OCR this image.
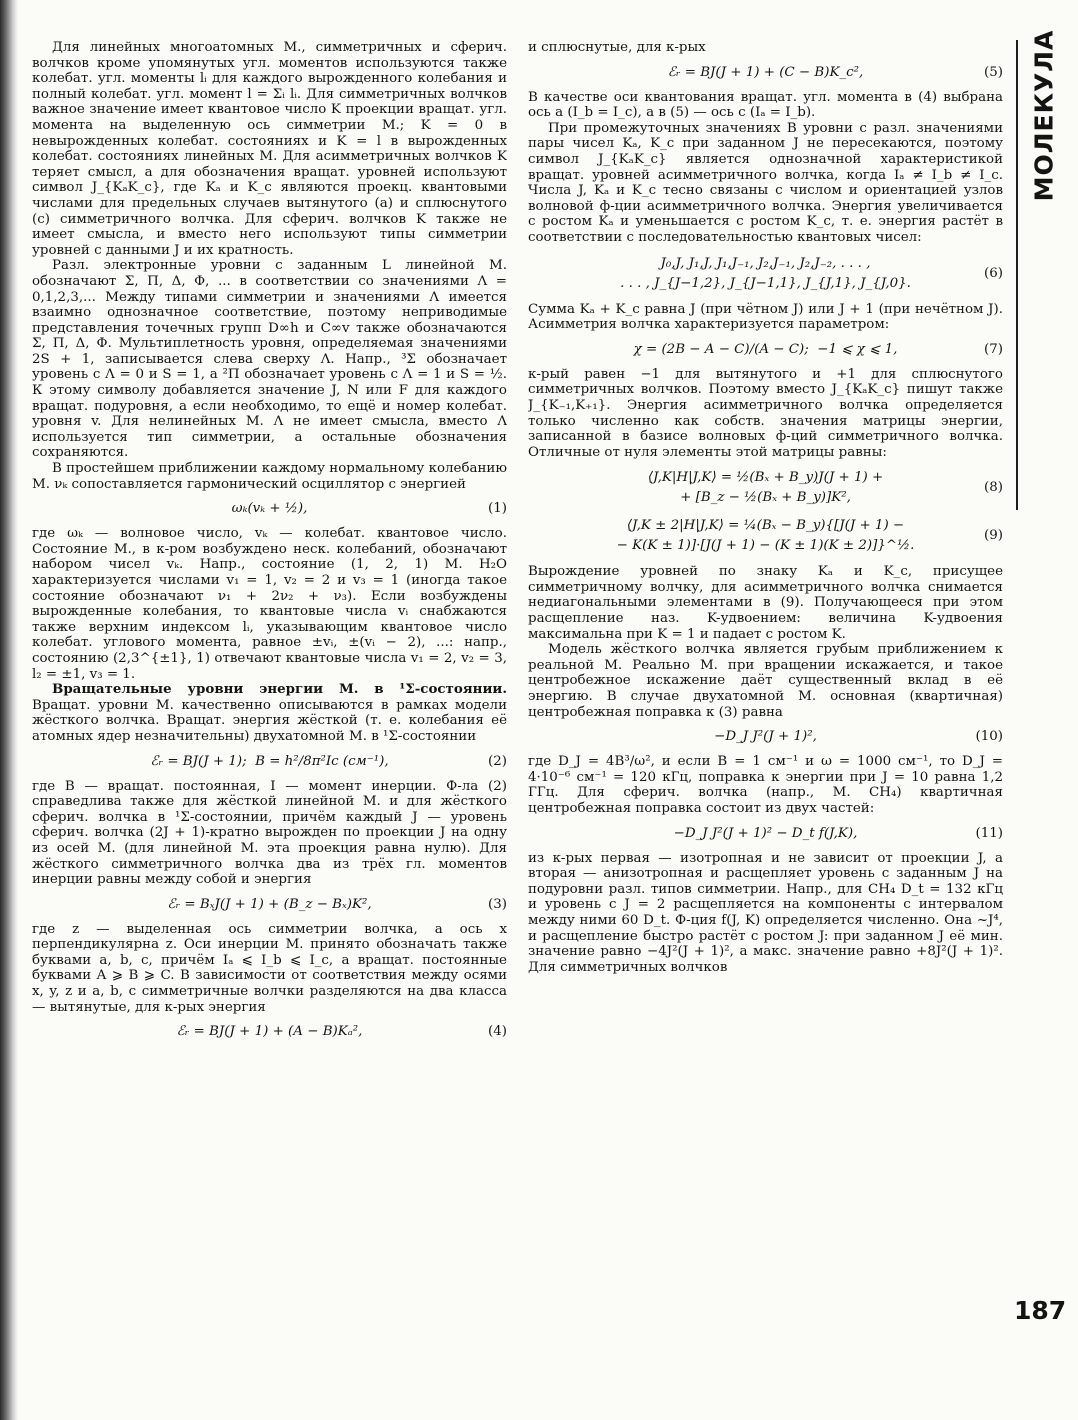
Для линейных многоатомных М., симметричных и сферич. волчков кроме упомянутых угл. моментов используются также колебат. угл. моменты lᵢ для каждого вырожденного колебания и полный колебат. угл. момент l = Σᵢ lᵢ. Для симметричных волчков важное значение имеет квантовое число K проекции вращат. угл. момента на выделенную ось симметрии М.; K = 0 в невырожденных колебат. состояниях и K = l в вырожденных колебат. состояниях линейных М. Для асимметричных волчков K теряет смысл, а для обозначения вращат. уровней используют символ J_{KₐK_c}, где Kₐ и K_c являются проекц. квантовыми числами для предельных случаев вытянутого (a) и сплюснутого (c) симметричного волчка. Для сферич. волчков K также не имеет смысла, и вместо него используют типы симметрии уровней с данными J и их кратность.

Разл. электронные уровни с заданным L линейной М. обозначают Σ, Π, Δ, Φ, ... в соответствии со значениями Λ = 0,1,2,3,... Между типами симметрии и значениями Λ имеется взаимно однозначное соответствие, поэтому неприводимые представления точечных групп D∞h и C∞v также обозначаются Σ, Π, Δ, Φ. Мультиплетность уровня, определяемая значениями 2S + 1, записывается слева сверху Λ. Напр., ³Σ обозначает уровень с Λ = 0 и S = 1, а ²Π обозначает уровень с Λ = 1 и S = ½. К этому символу добавляется значение J, N или F для каждого вращат. подуровня, а если необходимо, то ещё и номер колебат. уровня v. Для нелинейных М. Λ не имеет смысла, вместо Λ используется тип симметрии, а остальные обозначения сохраняются.

В простейшем приближении каждому нормальному колебанию М. νₖ сопоставляется гармонический осциллятор с энергией

ωₖ(vₖ + ½),	(1)

где ωₖ — волновое число, vₖ — колебат. квантовое число. Состояние М., в к-ром возбуждено неск. колебаний, обозначают набором чисел vₖ. Напр., состояние (1, 2, 1) М. H₂O характеризуется числами v₁ = 1, v₂ = 2 и v₃ = 1 (иногда такое состояние обозначают ν₁ + 2ν₂ + ν₃). Если возбуждены вырожденные колебания, то квантовые числа vᵢ снабжаются также верхним индексом lᵢ, указывающим квантовое число колебат. углового момента, равное ±vᵢ, ±(vᵢ − 2), ...: напр., состоянию (2,3^{±1}, 1) отвечают квантовые числа v₁ = 2, v₂ = 3, l₂ = ±1, v₃ = 1.

Вращательные уровни энергии М. в ¹Σ-состоянии. Вращат. уровни М. качественно описываются в рамках модели жёсткого волчка. Вращат. энергия жёсткой (т. е. колебания её атомных ядер незначительны) двухатомной М. в ¹Σ-состоянии

ℰᵣ = BJ(J + 1);  B = h²/8π²Ic (см⁻¹),	(2)

где B — вращат. постоянная, I — момент инерции. Ф-ла (2) справедлива также для жёсткой линейной М. и для жёсткого сферич. волчка в ¹Σ-состоянии, причём каждый J — уровень сферич. волчка (2J + 1)-кратно вырожден по проекции J на одну из осей М. (для линейной М. эта проекция равна нулю). Для жёсткого симметричного волчка два из трёх гл. моментов инерции равны между собой и энергия

ℰᵣ = BₓJ(J + 1) + (B_z − Bₓ)K²,	(3)

где z — выделенная ось симметрии волчка, а ось x перпендикулярна z. Оси инерции М. принято обозначать также буквами a, b, c, причём Iₐ ⩽ I_b ⩽ I_c, а вращат. постоянные буквами A ⩾ B ⩾ C. В зависимости от соответствия между осями x, y, z и a, b, c симметричные волчки разделяются на два класса — вытянутые, для к-рых энергия

ℰᵣ = BJ(J + 1) + (A − B)Kₐ²,	(4)

и сплюснутые, для к-рых

ℰᵣ = BJ(J + 1) + (C − B)K_c²,	(5)

В качестве оси квантования вращат. угл. момента в (4) выбрана ось a (I_b = I_c), а в (5) — ось c (Iₐ = I_b).

При промежуточных значениях B уровни с разл. значениями пары чисел Kₐ, K_c при заданном J не пересекаются, поэтому символ J_{KₐK_c} является однозначной характеристикой вращат. уровней асимметричного волчка, когда Iₐ ≠ I_b ≠ I_c. Числа J, Kₐ и K_c тесно связаны с числом и ориентацией узлов волновой ф-ции асимметричного волчка. Энергия увеличивается с ростом Kₐ и уменьшается с ростом K_c, т. е. энергия растёт в соответствии с последовательностью квантовых чисел:

J₀,J, J₁,J, J₁,J₋₁, J₂,J₋₁, J₂,J₋₂, . . . ,
. . . , J_{J−1,2}, J_{J−1,1}, J_{J,1}, J_{J,0}.
(6)

Сумма Kₐ + K_c равна J (при чётном J) или J + 1 (при нечётном J). Асимметрия волчка характеризуется параметром:

χ = (2B − A − C)/(A − C);  −1 ⩽ χ ⩽ 1,	(7)

к-рый равен −1 для вытянутого и +1 для сплюснутого симметричных волчков. Поэтому вместо J_{KₐK_c} пишут также J_{K₋₁,K₊₁}. Энергия асимметричного волчка определяется только численно как собств. значения матрицы энергии, записанной в базисе волновых ф-ций симметричного волчка. Отличные от нуля элементы этой матрицы равны:

⟨J,K|H|J,K⟩ = ½(Bₓ + B_y)J(J + 1) +
+ [B_z − ½(Bₓ + B_y)]K²,
(8)
⟨J,K ± 2|H|J,K⟩ = ¼(Bₓ − B_y){[J(J + 1) −
− K(K ± 1)]·[J(J + 1) − (K ± 1)(K ± 2)]}^½.
(9)

Вырождение уровней по знаку Kₐ и K_c, присущее симметричному волчку, для асимметричного волчка снимается недиагональными элементами в (9). Получающееся при этом расщепление наз. K-удвоением: величина K-удвоения максимальна при K = 1 и падает с ростом K.

Модель жёсткого волчка является грубым приближением к реальной М. Реально М. при вращении искажается, и такое центробежное искажение даёт существенный вклад в её энергию. В случае двухатомной М. основная (квартичная) центробежная поправка к (3) равна

−D_J J²(J + 1)²,	(10)

где D_J = 4B³/ω², и если B = 1 см⁻¹ и ω = 1000 см⁻¹, то D_J = 4·10⁻⁶ см⁻¹ = 120 кГц, поправка к энергии при J = 10 равна 1,2 ГГц. Для сферич. волчка (напр., М. CH₄) квартичная центробежная поправка состоит из двух частей:

−D_J J²(J + 1)² − D_t f(J,K),	(11)

из к-рых первая — изотропная и не зависит от проекции J, а вторая — анизотропная и расщепляет уровень с заданным J на подуровни разл. типов симметрии. Напр., для CH₄ D_t = 132 кГц и уровень с J = 2 расщепляется на компоненты с интервалом между ними 60 D_t. Ф-ция f(J, K) определяется численно. Она ~J⁴, и расщепление быстро растёт с ростом J: при заданном J её мин. значение равно −4J²(J + 1)², а макс. значение равно +8J²(J + 1)². Для симметричных волчков

МОЛЕКУЛА
187
